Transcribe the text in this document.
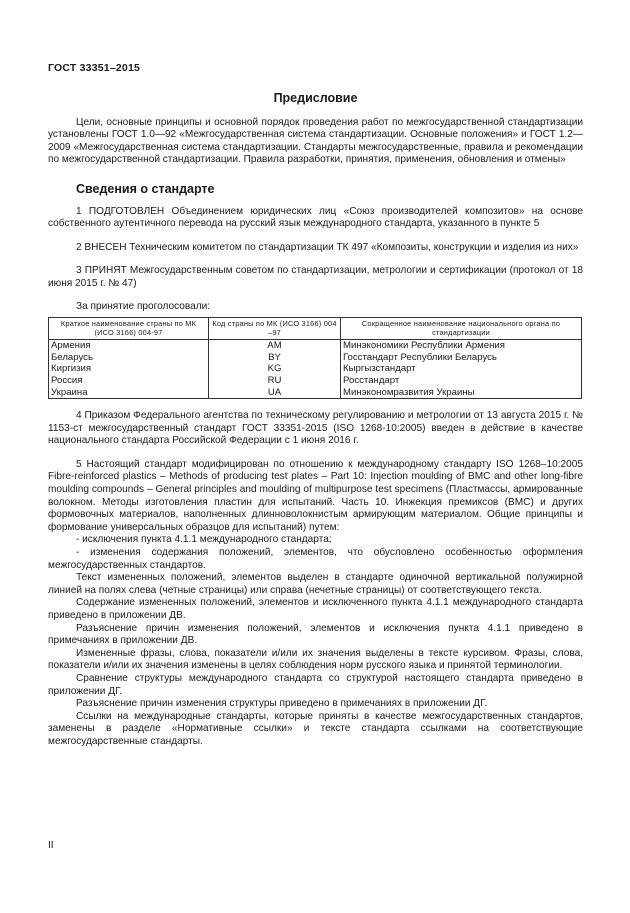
ГОСТ 33351–2015
Предисловие

Цели, основные принципы и основной порядок проведения работ по межгосударственной стандартизации установлены ГОСТ 1.0—92 «Межгосударственная система стандартизации. Основные положения» и ГОСТ 1.2—2009 «Межгосударственная система стандартизации. Стандарты межгосударственные, правила и рекомендации по межгосударственной стандартизации. Правила разработки, принятия, применения, обновления и отмены»

Сведения о стандарте

1 ПОДГОТОВЛЕН Объединением юридических лиц «Союз производителей композитов» на основе собственного аутентичного перевода на русский язык международного стандарта, указанного в пункте 5

2 ВНЕСЕН Техническим комитетом по стандартизации ТК 497 «Композиты, конструкции и изделия из них»

3 ПРИНЯТ Межгосударственным советом по стандартизации, метрологии и сертификации (протокол от 18 июня 2015 г. № 47)

За принятие проголосовали:
Краткое наименование страны по МК (ИСО 3166) 004-97	Код страны по МК (ИСО 3166) 004 –97	Сокращенное наименование национального органа по стандартизации
Армения	AM	Минэкономики Республики Армения
Беларусь	BY	Госстандарт Республики Беларусь
Киргизия	KG	Кыргызстандарт
Россия	RU	Росстандарт
Украина	UA	Минэкономразвития Украины

4 Приказом Федерального агентства по техническому регулированию и метрологии от 13 августа 2015 г. № 1153-ст межгосударственный стандарт ГОСТ 33351-2015 (ISO 1268-10:2005) введен в действие в качестве национального стандарта Российской Федерации с 1 июня 2016 г.

5 Настоящий стандарт модифицирован по отношению к международному стандарту ISO 1268–10:2005 Fibre-reinforced plastics – Methods of producing test plates – Part 10: Injection moulding of BMC and other long-fibre moulding compounds – General principles and moulding of multipurpose test specimens (Пластмассы, армированные волокном. Методы изготовления пластин для испытаний. Часть 10. Инжекция премиксов (BMC) и других формовочных материалов, наполненных длинноволокнистым армирующим материалом. Общие принципы и формование универсальных образцов для испытаний) путем:

- исключения пункта 4.1.1 международного стандарта;

- изменения содержания положений, элементов, что обусловлено особенностью оформления межгосударственных стандартов.

Текст измененных положений, элементов выделен в стандарте одиночной вертикальной полужирной линией на полях слева (четные страницы) или справа (нечетные страницы) от соответствующего текста.

Содержание измененных положений, элементов и исключенного пункта 4.1.1 международного стандарта приведено в приложении ДВ.

Разъяснение причин изменения положений, элементов и исключения пункта 4.1.1 приведено в примечаниях в приложении ДВ.

Измененные фразы, слова, показатели и/или их значения выделены в тексте курсивом. Фразы, слова, показатели и/или их значения изменены в целях соблюдения норм русского языка и принятой терминологии.

Сравнение структуры международного стандарта со структурой настоящего стандарта приведено в приложении ДГ.

Разъяснение причин изменения структуры приведено в примечаниях в приложении ДГ.

Ссылки на международные стандарты, которые приняты в качестве межгосударственных стандартов, заменены в разделе «Нормативные ссылки» и тексте стандарта ссылками на соответствующие межгосударственные стандарты.

II
